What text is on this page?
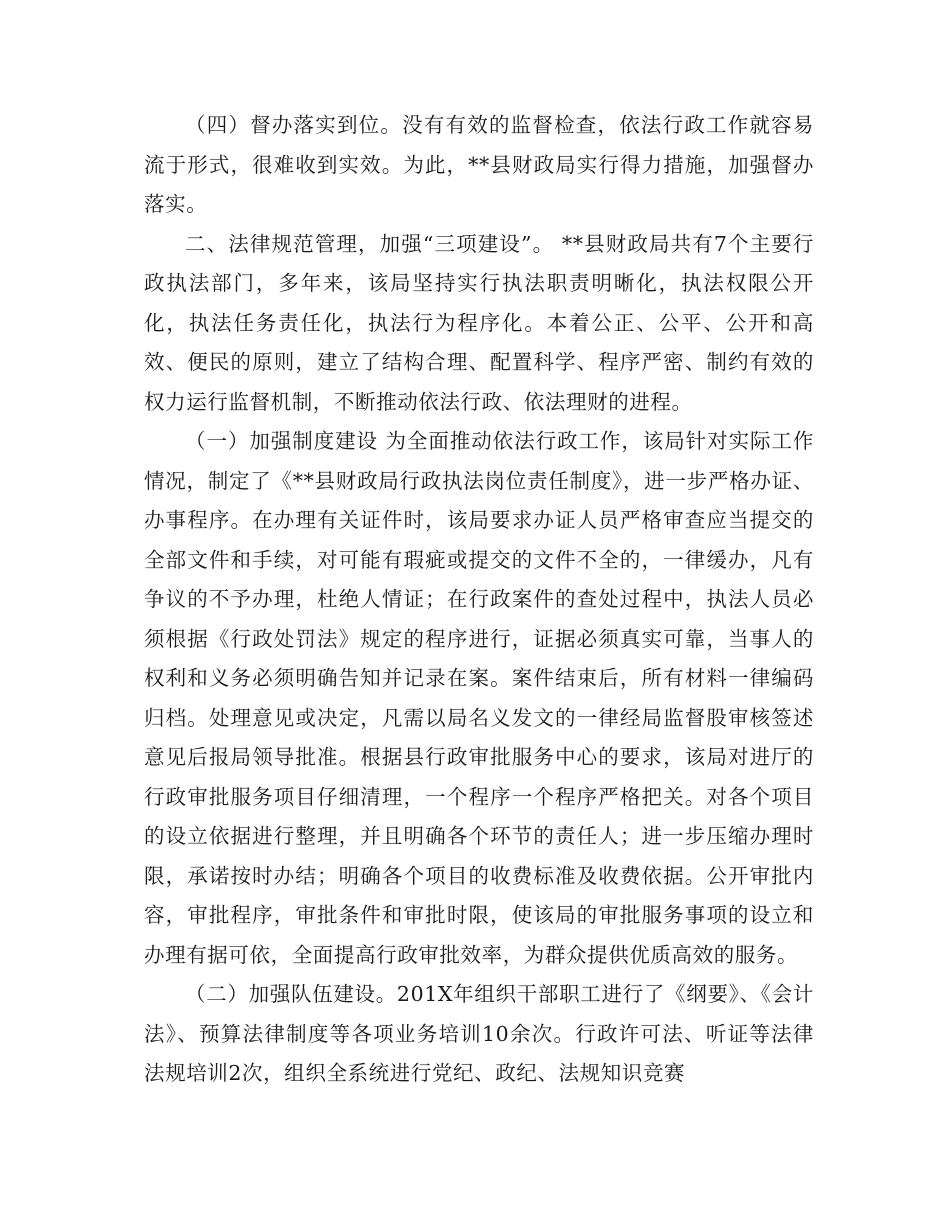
（四）督办落实到位。没有有效的监督检查，依法行政工作就容易流于形式，很难收到实效。为此，**县财政局实行得力措施，加强督办落实。

二、法律规范管理，加强“三项建设”。 **县财政局共有7个主要行政执法部门，多年来，该局坚持实行执法职责明晰化，执法权限公开化，执法任务责任化，执法行为程序化。本着公正、公平、公开和高效、便民的原则，建立了结构合理、配置科学、程序严密、制约有效的权力运行监督机制，不断推动依法行政、依法理财的进程。

（一）加强制度建设 为全面推动依法行政工作，该局针对实际工作情况，制定了《**县财政局行政执法岗位责任制度》，进一步严格办证、办事程序。在办理有关证件时，该局要求办证人员严格审查应当提交的全部文件和手续，对可能有瑕疵或提交的文件不全的，一律缓办，凡有争议的不予办理，杜绝人情证；在行政案件的查处过程中，执法人员必须根据《行政处罚法》规定的程序进行，证据必须真实可靠，当事人的权利和义务必须明确告知并记录在案。案件结束后，所有材料一律编码归档。处理意见或决定，凡需以局名义发文的一律经局监督股审核签述意见后报局领导批准。根据县行政审批服务中心的要求，该局对进厅的行政审批服务项目仔细清理，一个程序一个程序严格把关。对各个项目的设立依据进行整理，并且明确各个环节的责任人；进一步压缩办理时限，承诺按时办结；明确各个项目的收费标准及收费依据。公开审批内容，审批程序，审批条件和审批时限，使该局的审批服务事项的设立和办理有据可依，全面提高行政审批效率，为群众提供优质高效的服务。

（二）加强队伍建设。201X年组织干部职工进行了《纲要》、《会计法》、预算法律制度等各项业务培训10余次。行政许可法、听证等法律法规培训2次，组织全系统进行党纪、政纪、法规知识竞赛
